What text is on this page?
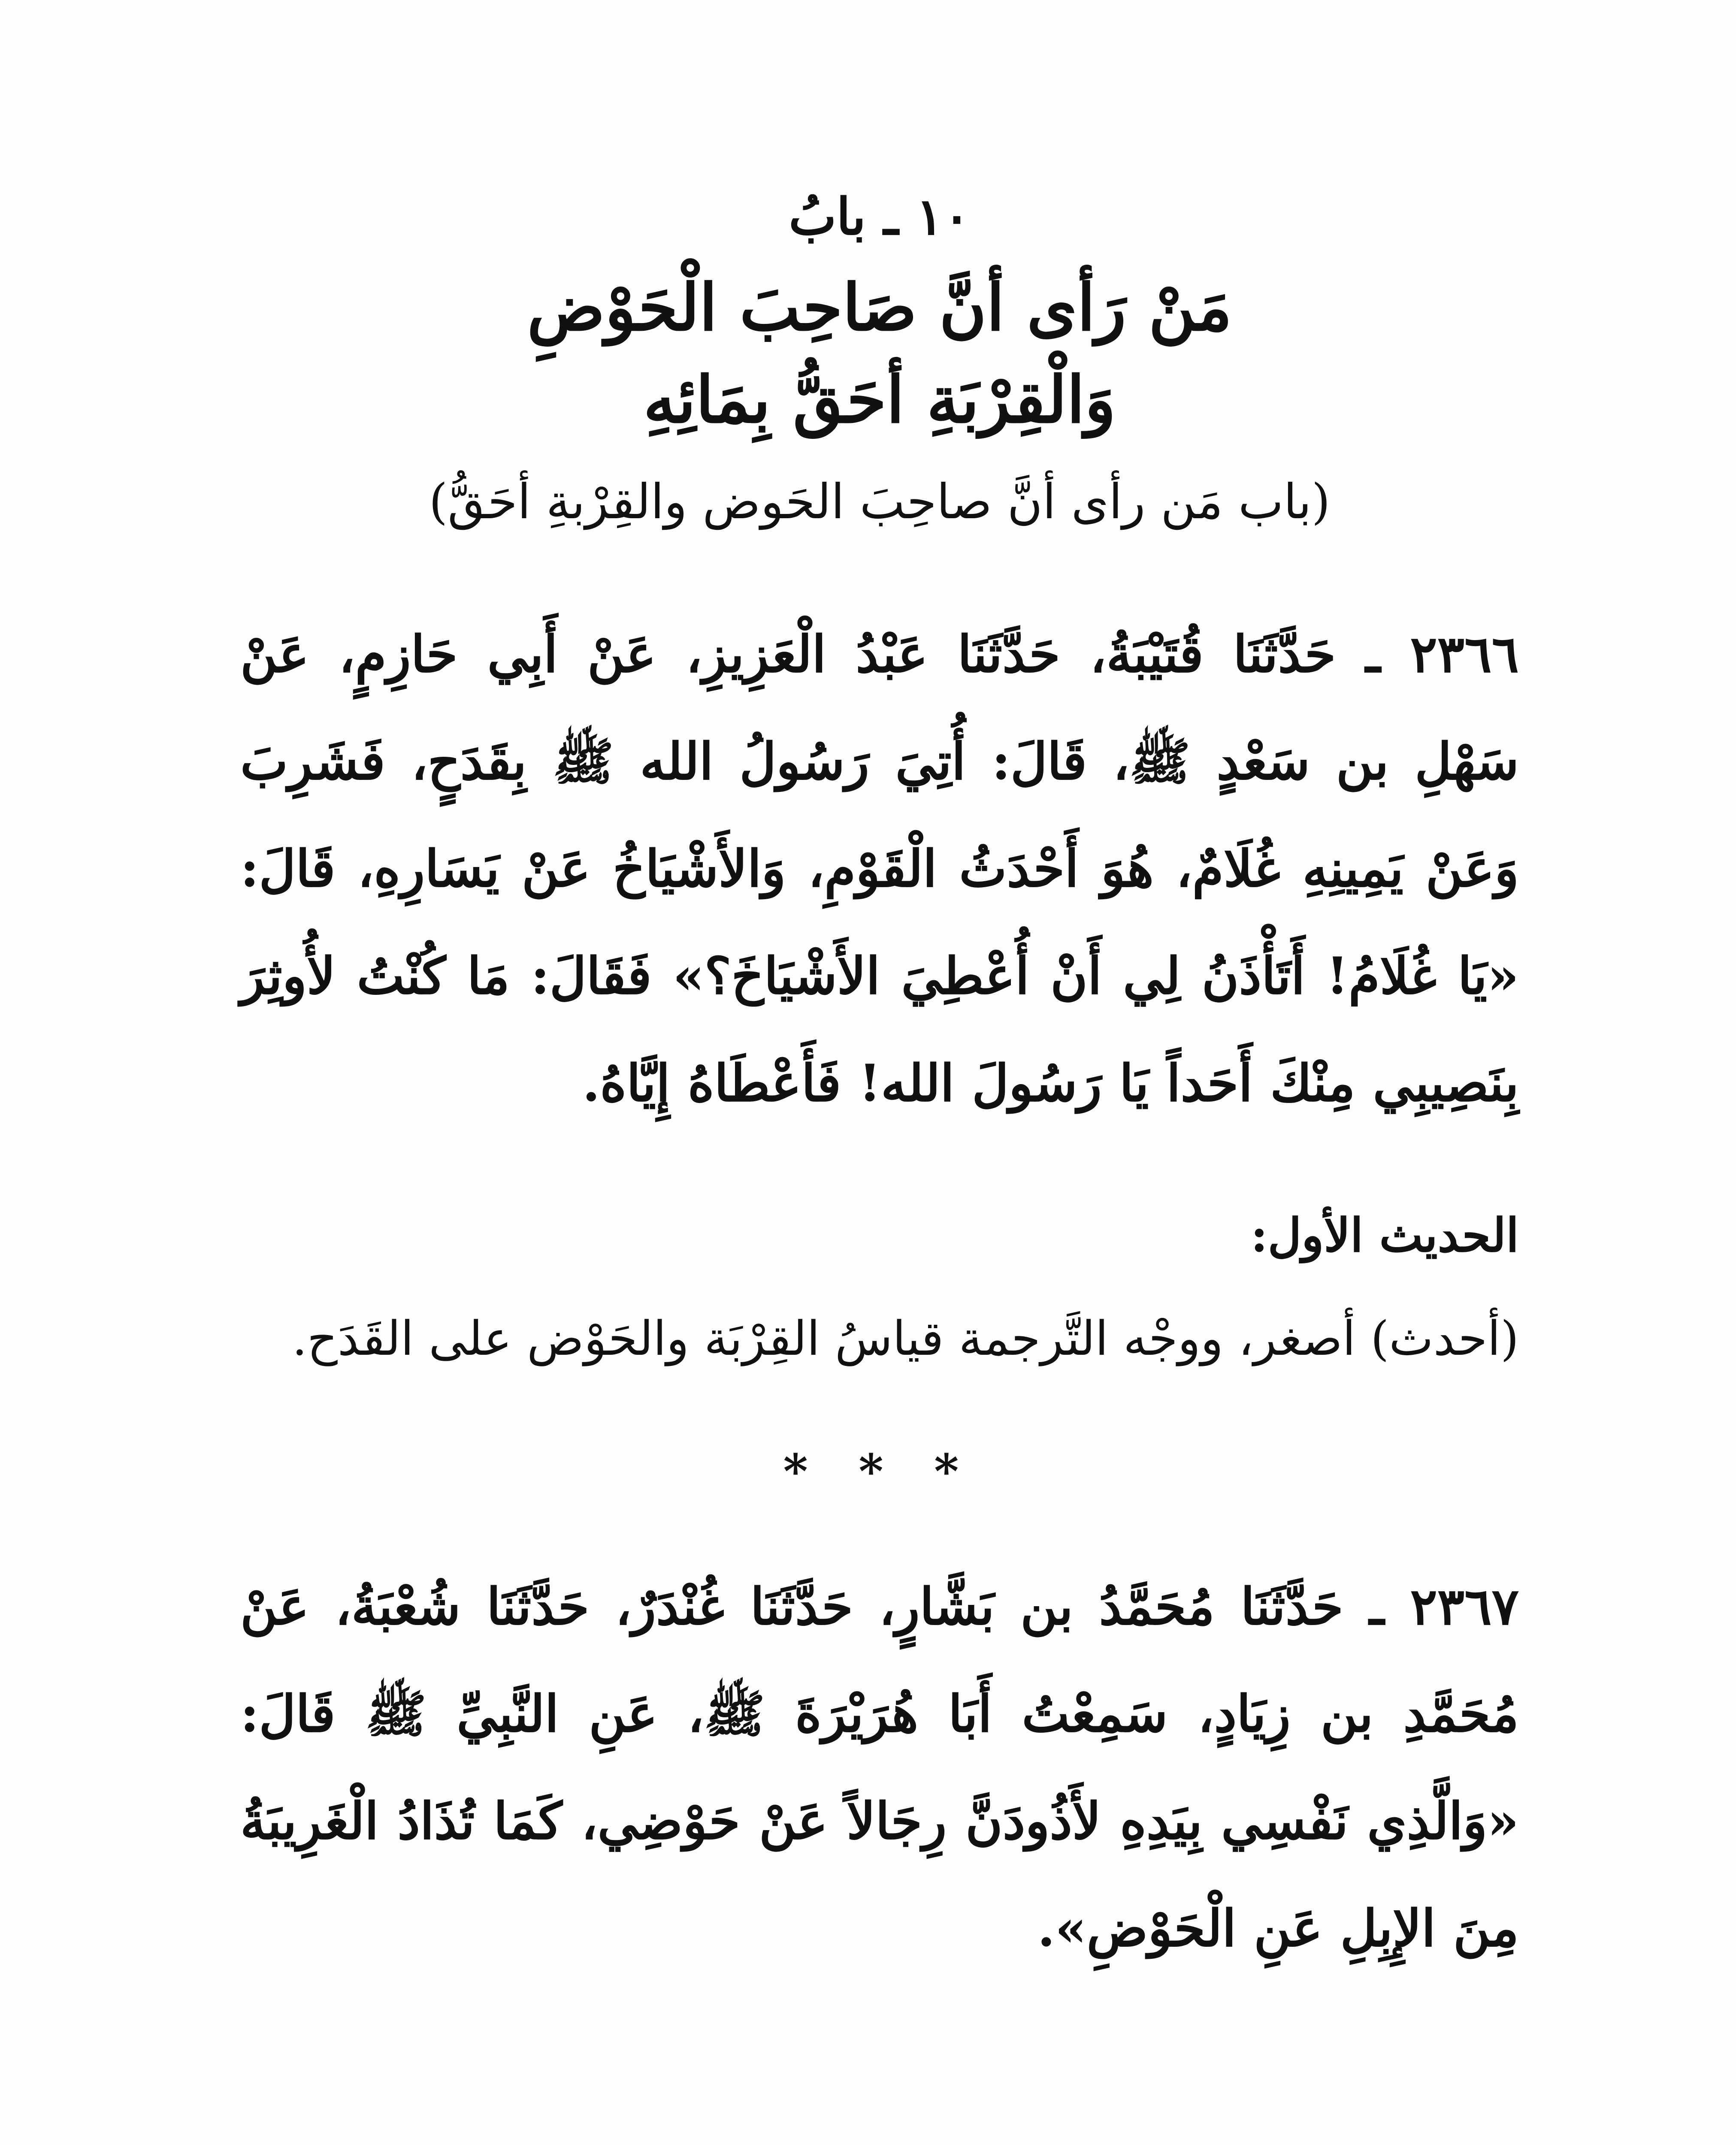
١٠ ـ بابُ
مَنْ رَأى أنَّ صَاحِبَ الْحَوْضِ
وَالْقِرْبَةِ أحَقُّ بِمَائِهِ
(باب مَن رأى أنَّ صاحِبَ الحَوض والقِرْبةِ أحَقُّ)

٢٣٦٦ ـ حَدَّثَنَا قُتَيْبَةُ، حَدَّثَنَا عَبْدُ الْعَزِيزِ، عَنْ أَبِي حَازِمٍ، عَنْ سَهْلِ بن سَعْدٍ ﷺ، قَالَ: أُتِيَ رَسُولُ الله ﷺ بِقَدَحٍ، فَشَرِبَ وَعَنْ يَمِينِهِ غُلَامٌ، هُوَ أَحْدَثُ الْقَوْمِ، وَالأَشْيَاخُ عَنْ يَسَارِهِ، قَالَ: «يَا غُلَامُ! أَتَأْذَنُ لِي أَنْ أُعْطِيَ الأَشْيَاخَ؟» فَقَالَ: مَا كُنْتُ لأُوثِرَ بِنَصِيبِي مِنْكَ أَحَداً يَا رَسُولَ الله! فَأَعْطَاهُ إِيَّاهُ.

الحديث الأول:

(أحدث) أصغر، ووجْه التَّرجمة قياسُ القِرْبَة والحَوْض على القَدَح.

* * *

٢٣٦٧ ـ حَدَّثَنَا مُحَمَّدُ بن بَشَّارٍ، حَدَّثَنَا غُنْدَرٌ، حَدَّثَنَا شُعْبَةُ، عَنْ مُحَمَّدِ بن زِيَادٍ، سَمِعْتُ أَبَا هُرَيْرَةَ ﷺ، عَنِ النَّبِيِّ ﷺ قَالَ: «وَالَّذِي نَفْسِي بِيَدِهِ لأَذُودَنَّ رِجَالاً عَنْ حَوْضِي، كَمَا تُذَادُ الْغَرِيبَةُ مِنَ الإِبِلِ عَنِ الْحَوْضِ».
